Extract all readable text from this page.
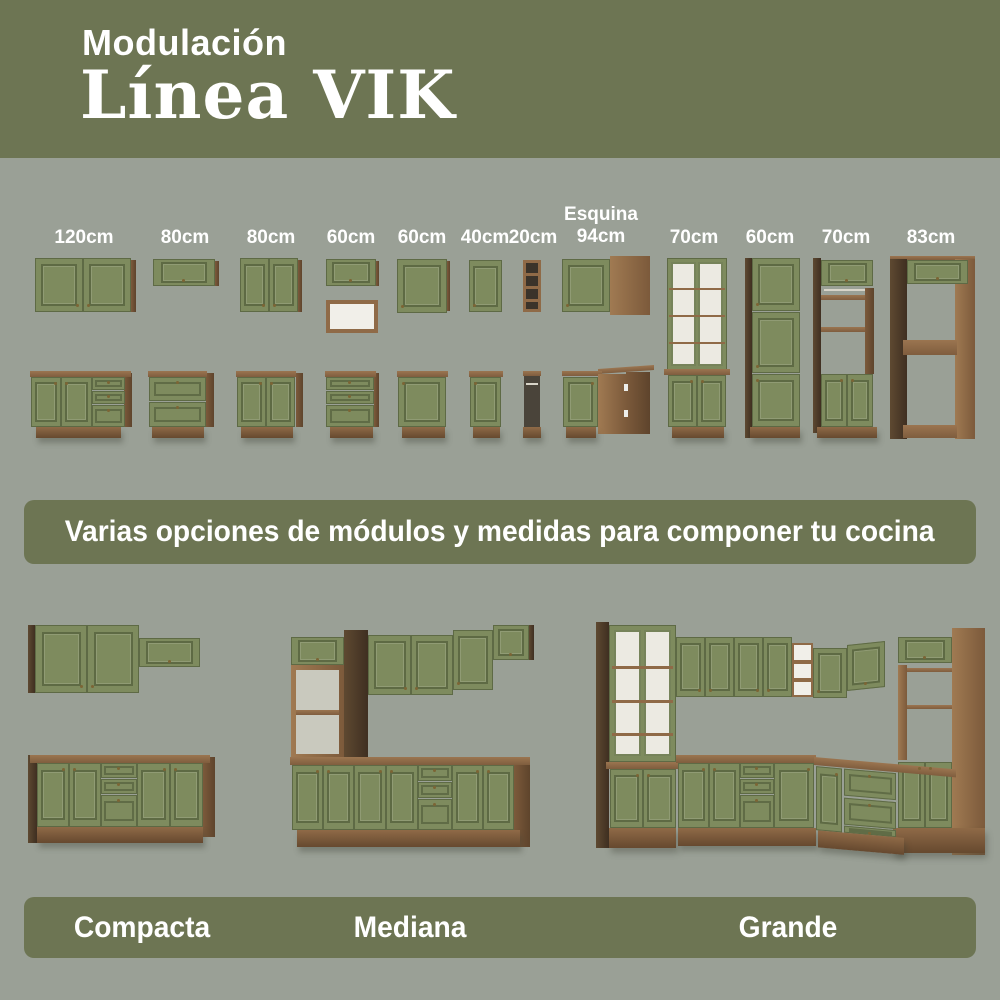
Modulación
Línea VIK
120cm 80cm 80cm 60cm 60cm 40cm 20cm
Esquina
94cm	70cm 60cm 70cm 83cm
Varias opciones de módulos y medidas para componer tu cocina
Compacta	Mediana	Grande
